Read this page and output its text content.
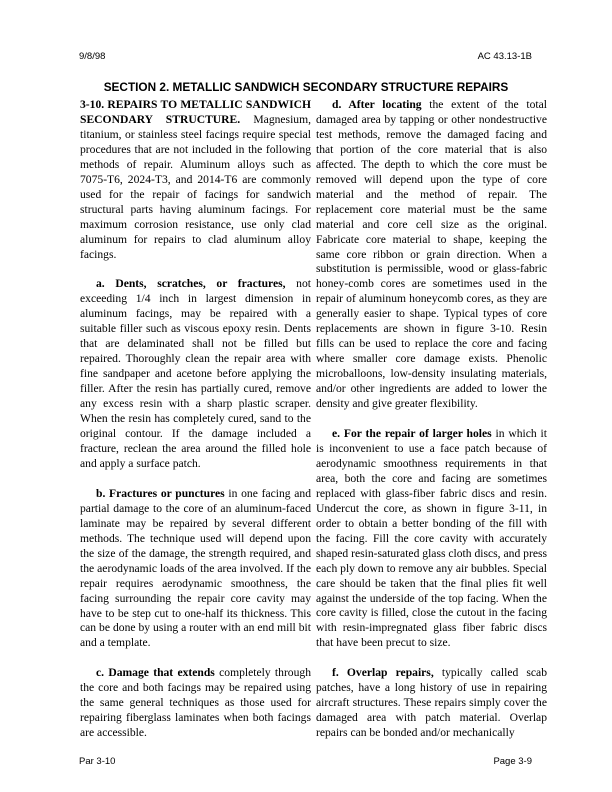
9/8/98	AC 43.13-1B
SECTION 2. METALLIC SANDWICH SECONDARY STRUCTURE REPAIRS

3-10. REPAIRS TO METALLIC SANDWICH SECONDARY STRUCTURE. Magnesium, titanium, or stainless steel facings require special procedures that are not included in the following methods of repair. Aluminum alloys such as 7075-T6, 2024-T3, and 2014-T6 are commonly used for the repair of facings for sandwich structural parts having aluminum facings. For maximum corrosion resistance, use only clad aluminum for repairs to clad aluminum alloy facings.

a. Dents, scratches, or fractures, not exceeding 1/4 inch in largest dimension in aluminum facings, may be repaired with a suitable filler such as viscous epoxy resin. Dents that are delaminated shall not be filled but repaired. Thoroughly clean the repair area with fine sandpaper and acetone before applying the filler. After the resin has partially cured, remove any excess resin with a sharp plastic scraper. When the resin has completely cured, sand to the original contour. If the damage included a fracture, reclean the area around the filled hole and apply a surface patch.

b. Fractures or punctures in one facing and partial damage to the core of an aluminum-faced laminate may be repaired by several different methods. The technique used will depend upon the size of the damage, the strength required, and the aerodynamic loads of the area involved. If the repair requires aerodynamic smoothness, the facing surrounding the repair core cavity may have to be step cut to one-half its thickness. This can be done by using a router with an end mill bit and a template.

c. Damage that extends completely through the core and both facings may be repaired using the same general techniques as those used for repairing fiberglass laminates when both facings are accessible.

d. After locating the extent of the total damaged area by tapping or other nondestructive test methods, remove the damaged facing and that portion of the core material that is also affected. The depth to which the core must be removed will depend upon the type of core material and the method of repair. The replacement core material must be the same material and core cell size as the original. Fabricate core material to shape, keeping the same core ribbon or grain direction. When a substitution is permissible, wood or glass-fabric honey-comb cores are sometimes used in the repair of aluminum honeycomb cores, as they are generally easier to shape. Typical types of core replacements are shown in figure 3-10. Resin fills can be used to replace the core and facing where smaller core damage exists. Phenolic microballoons, low-density insulating materials, and/or other ingredients are added to lower the density and give greater flexibility.

e. For the repair of larger holes in which it is inconvenient to use a face patch because of aerodynamic smoothness requirements in that area, both the core and facing are sometimes replaced with glass-fiber fabric discs and resin. Undercut the core, as shown in figure 3-11, in order to obtain a better bonding of the fill with the facing. Fill the core cavity with accurately shaped resin-saturated glass cloth discs, and press each ply down to remove any air bubbles. Special care should be taken that the final plies fit well against the underside of the top facing. When the core cavity is filled, close the cutout in the facing with resin-impregnated glass fiber fabric discs that have been precut to size.

f. Overlap repairs, typically called scab patches, have a long history of use in repairing aircraft structures. These repairs simply cover the damaged area with patch material. Overlap repairs can be bonded and/or mechanically

Par 3-10	Page 3-9
